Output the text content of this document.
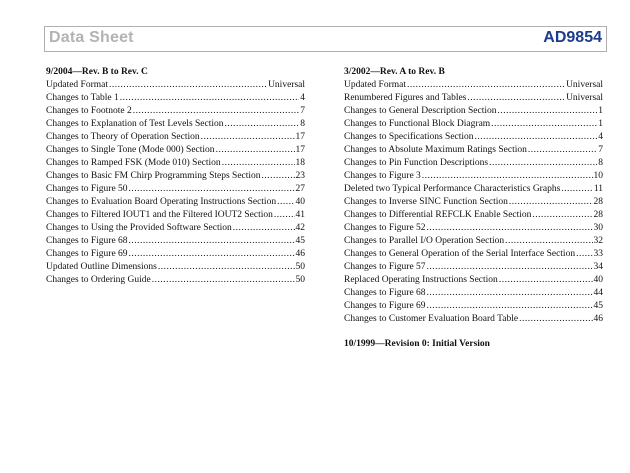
Data Sheet	AD9854
9/2004—Rev. B to Rev. C
Updated Format .....	Universal
Changes to Table 1 .....	4
Changes to Footnote 2 .....	7
Changes to Explanation of Test Levels Section .....	8
Changes to Theory of Operation Section .....	17
Changes to Single Tone (Mode 000) Section .....	17
Changes to Ramped FSK (Mode 010) Section .....	18
Changes to Basic FM Chirp Programming Steps Section .....	23
Changes to Figure 50 .....	27
Changes to Evaluation Board Operating Instructions Section ..... 40
Changes to Filtered IOUT1 and the Filtered IOUT2 Section ..... 41
Changes to Using the Provided Software Section .....	42
Changes to Figure 68 .....	45
Changes to Figure 69 .....	46
Updated Outline Dimensions .....	50
Changes to Ordering Guide .....	50
3/2002—Rev. A to Rev. B
Updated Format .....	Universal
Renumbered Figures and Tables .....	Universal
Changes to General Description Section .....	1
Changes to Functional Block Diagram .....	1
Changes to Specifications Section .....	4
Changes to Absolute Maximum Ratings Section .....	7
Changes to Pin Function Descriptions .....	8
Changes to Figure 3 .....	10
Deleted two Typical Performance Characteristics Graphs .....	11
Changes to Inverse SINC Function Section .....	28
Changes to Differential REFCLK Enable Section .....	28
Changes to Figure 52 .....	30
Changes to Parallel I/O Operation Section .....	32
Changes to General Operation of the Serial Interface Section ..... 33
Changes to Figure 57 .....	34
Replaced Operating Instructions Section .....	40
Changes to Figure 68 .....	44
Changes to Figure 69 .....	45
Changes to Customer Evaluation Board Table .....	46
10/1999—Revision 0: Initial Version
